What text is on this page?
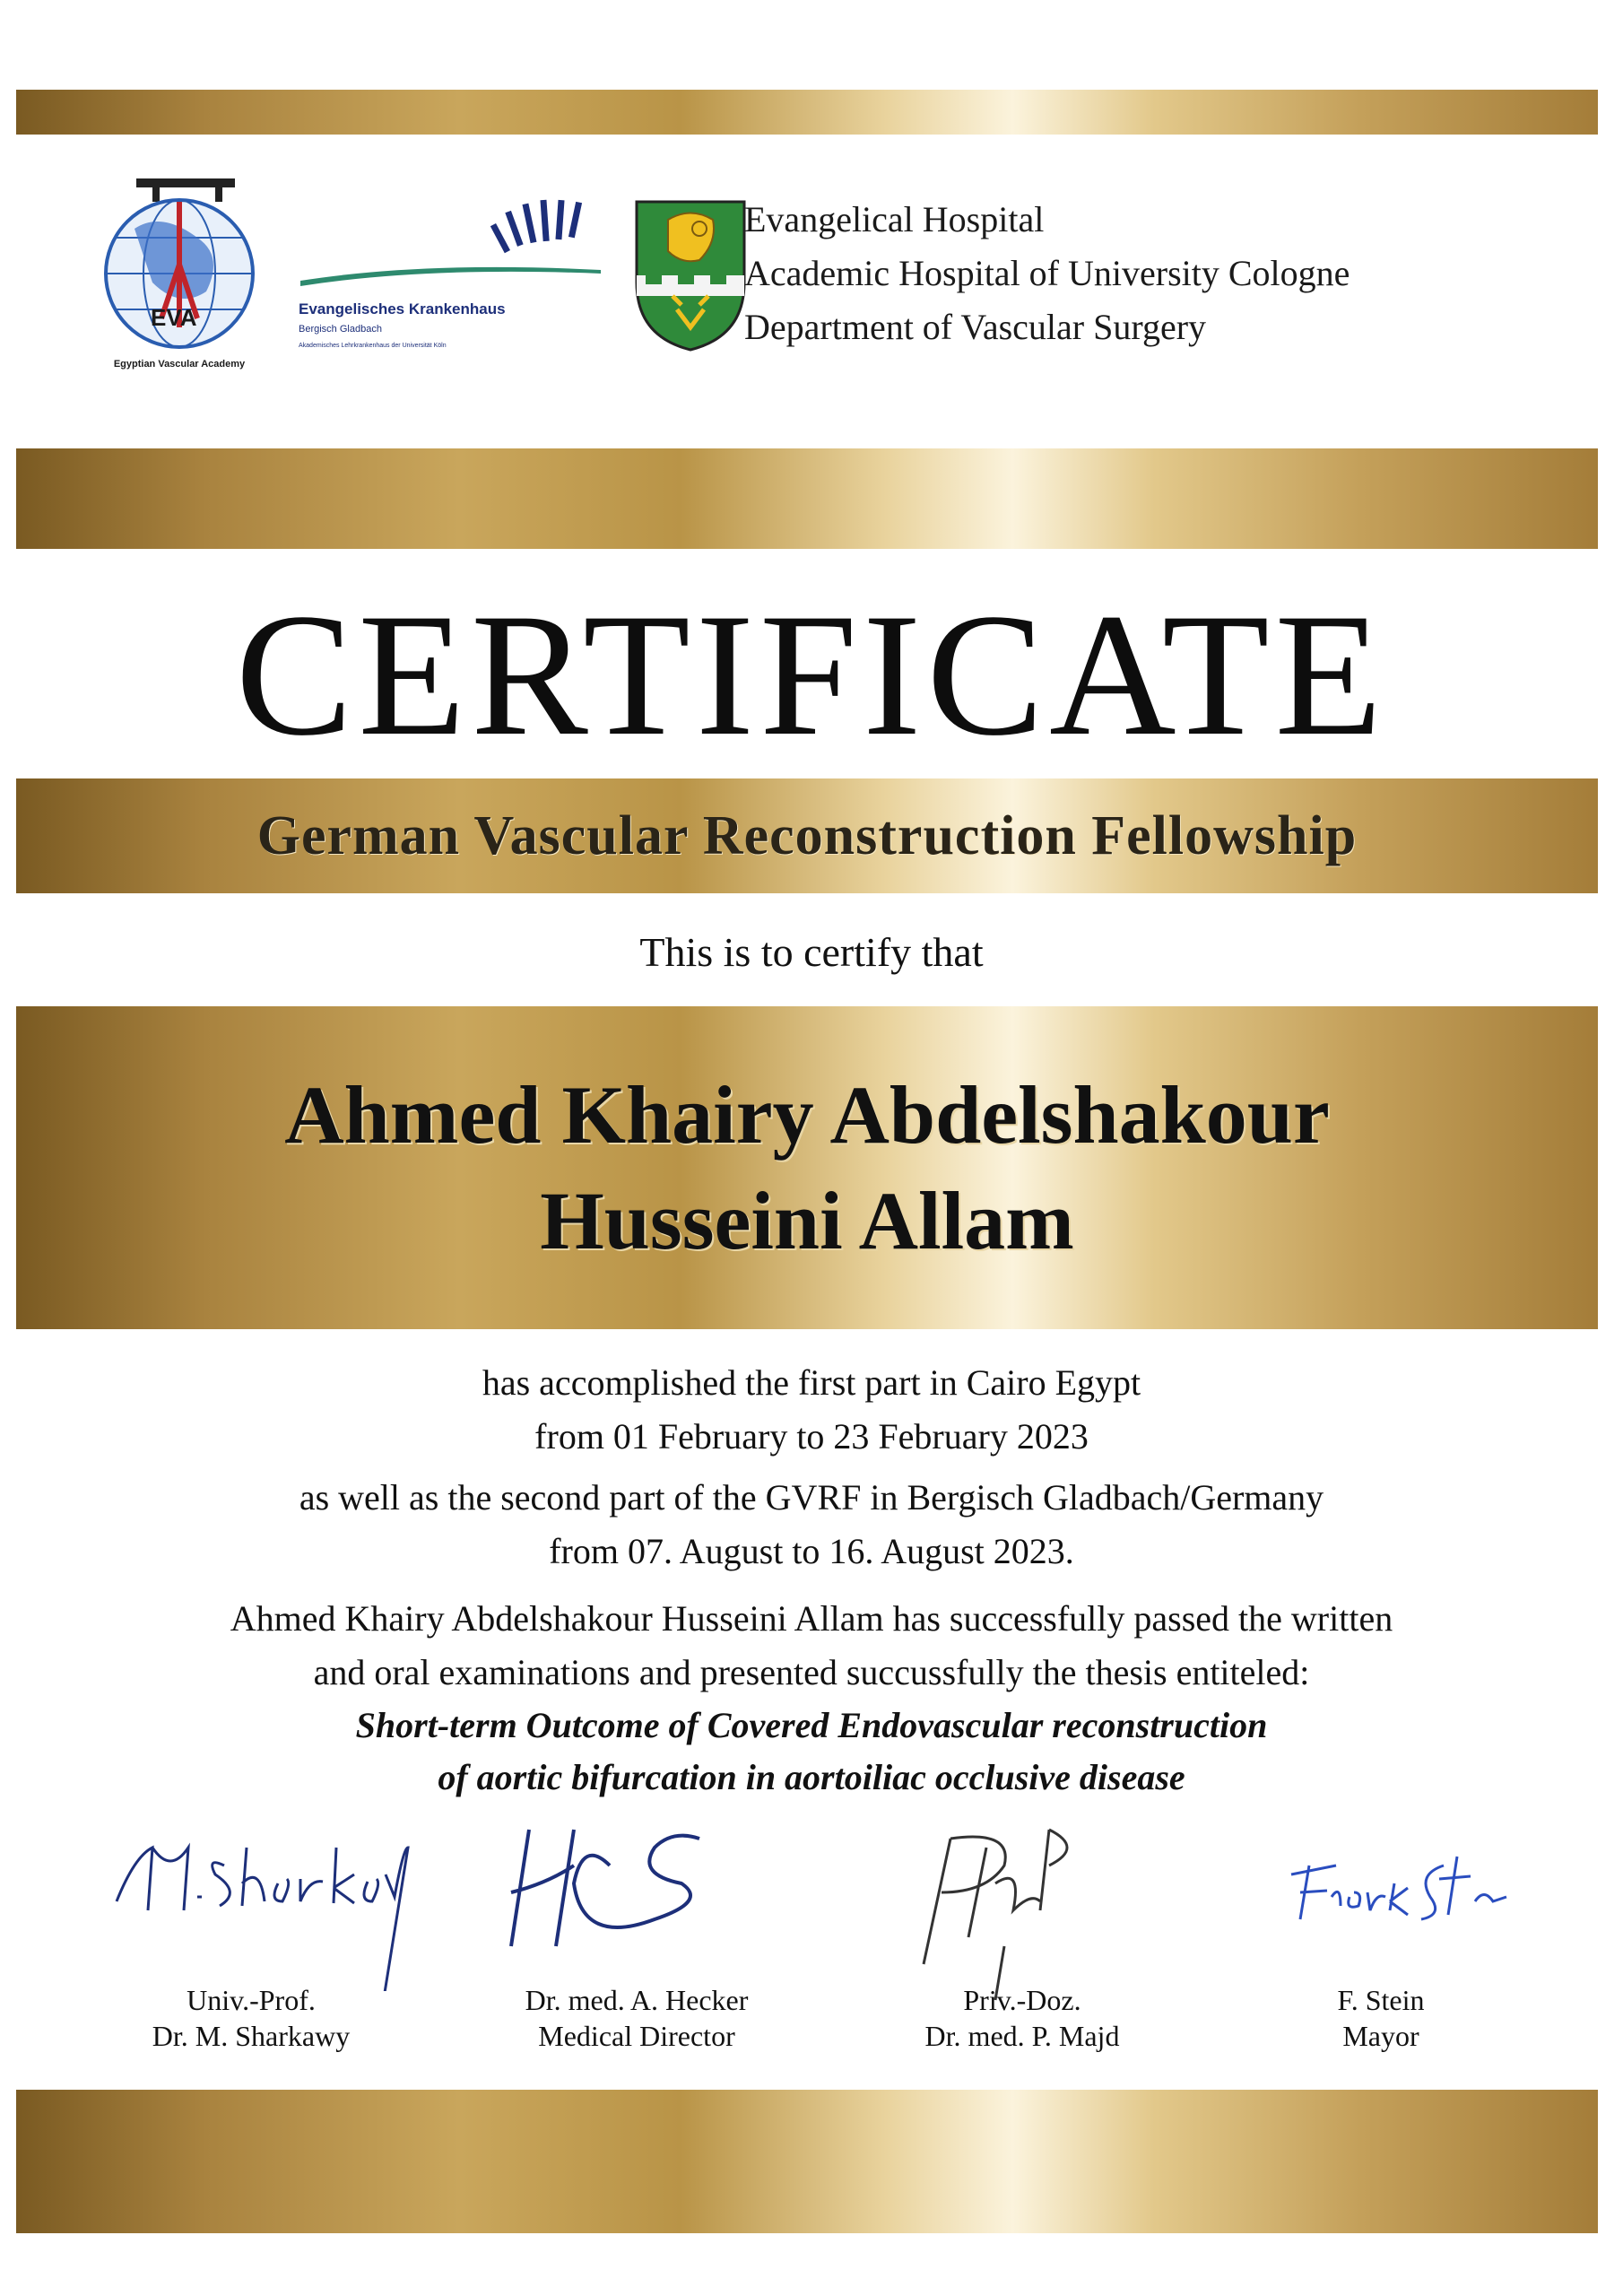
EVA
Egyptian Vascular Academy
Evangelisches Krankenhaus
Bergisch Gladbach
Akademisches Lehrkrankenhaus der Universität Köln
Evangelical Hospital
Academic Hospital of University Cologne
Department of Vascular Surgery
CERTIFICATE
German Vascular Reconstruction Fellowship
This is to certify that
Ahmed Khairy Abdelshakour
Husseini Allam
has accomplished the first part in Cairo Egypt
from 01 February to 23 February 2023
as well as the second part of the GVRF in Bergisch Gladbach/Germany
from 07. August to 16. August 2023.
Ahmed Khairy Abdelshakour Husseini Allam has successfully passed the written
and oral examinations and presented succussfully the thesis entiteled:
Short-term Outcome of Covered Endovascular reconstruction
of aortic bifurcation in aortoiliac occlusive disease
Univ.-Prof.
Dr. M. Sharkawy
Dr. med. A. Hecker
Medical Director
Priv.-Doz.
Dr. med. P. Majd
F. Stein
Mayor
